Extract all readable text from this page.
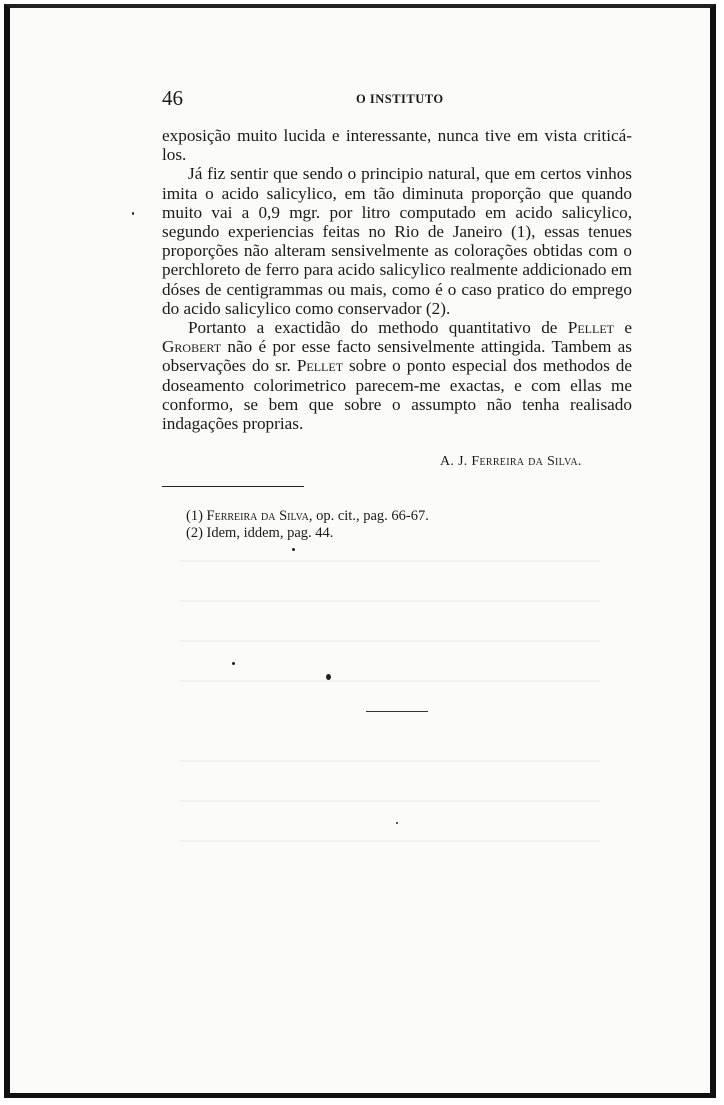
46	O INSTITUTO

exposição muito lucida e interessante, nunca tive em vista criticá-los.

Já fiz sentir que sendo o principio natural, que em certos vinhos imita o acido salicylico, em tão diminuta proporção que quando muito vai a 0,9 mgr. por litro computado em acido salicylico, segundo experiencias feitas no Rio de Janeiro (1), essas tenues proporções não alteram sensivelmente as colorações obtidas com o perchloreto de ferro para acido salicylico realmente addicionado em dóses de centigrammas ou mais, como é o caso pratico do emprego do acido salicylico como conservador (2).

Portanto a exactidão do methodo quantitativo de Pellet e Grobert não é por esse facto sensivelmente attingida. Tambem as observações do sr. Pellet sobre o ponto especial dos methodos de doseamento colorimetrico parecem-me exactas, e com ellas me conformo, se bem que sobre o assumpto não tenha realisado indagações proprias.

A. J. Ferreira da Silva.

(1) Ferreira da Silva, op. cit., pag. 66-67.

(2) Idem, iddem, pag. 44.
